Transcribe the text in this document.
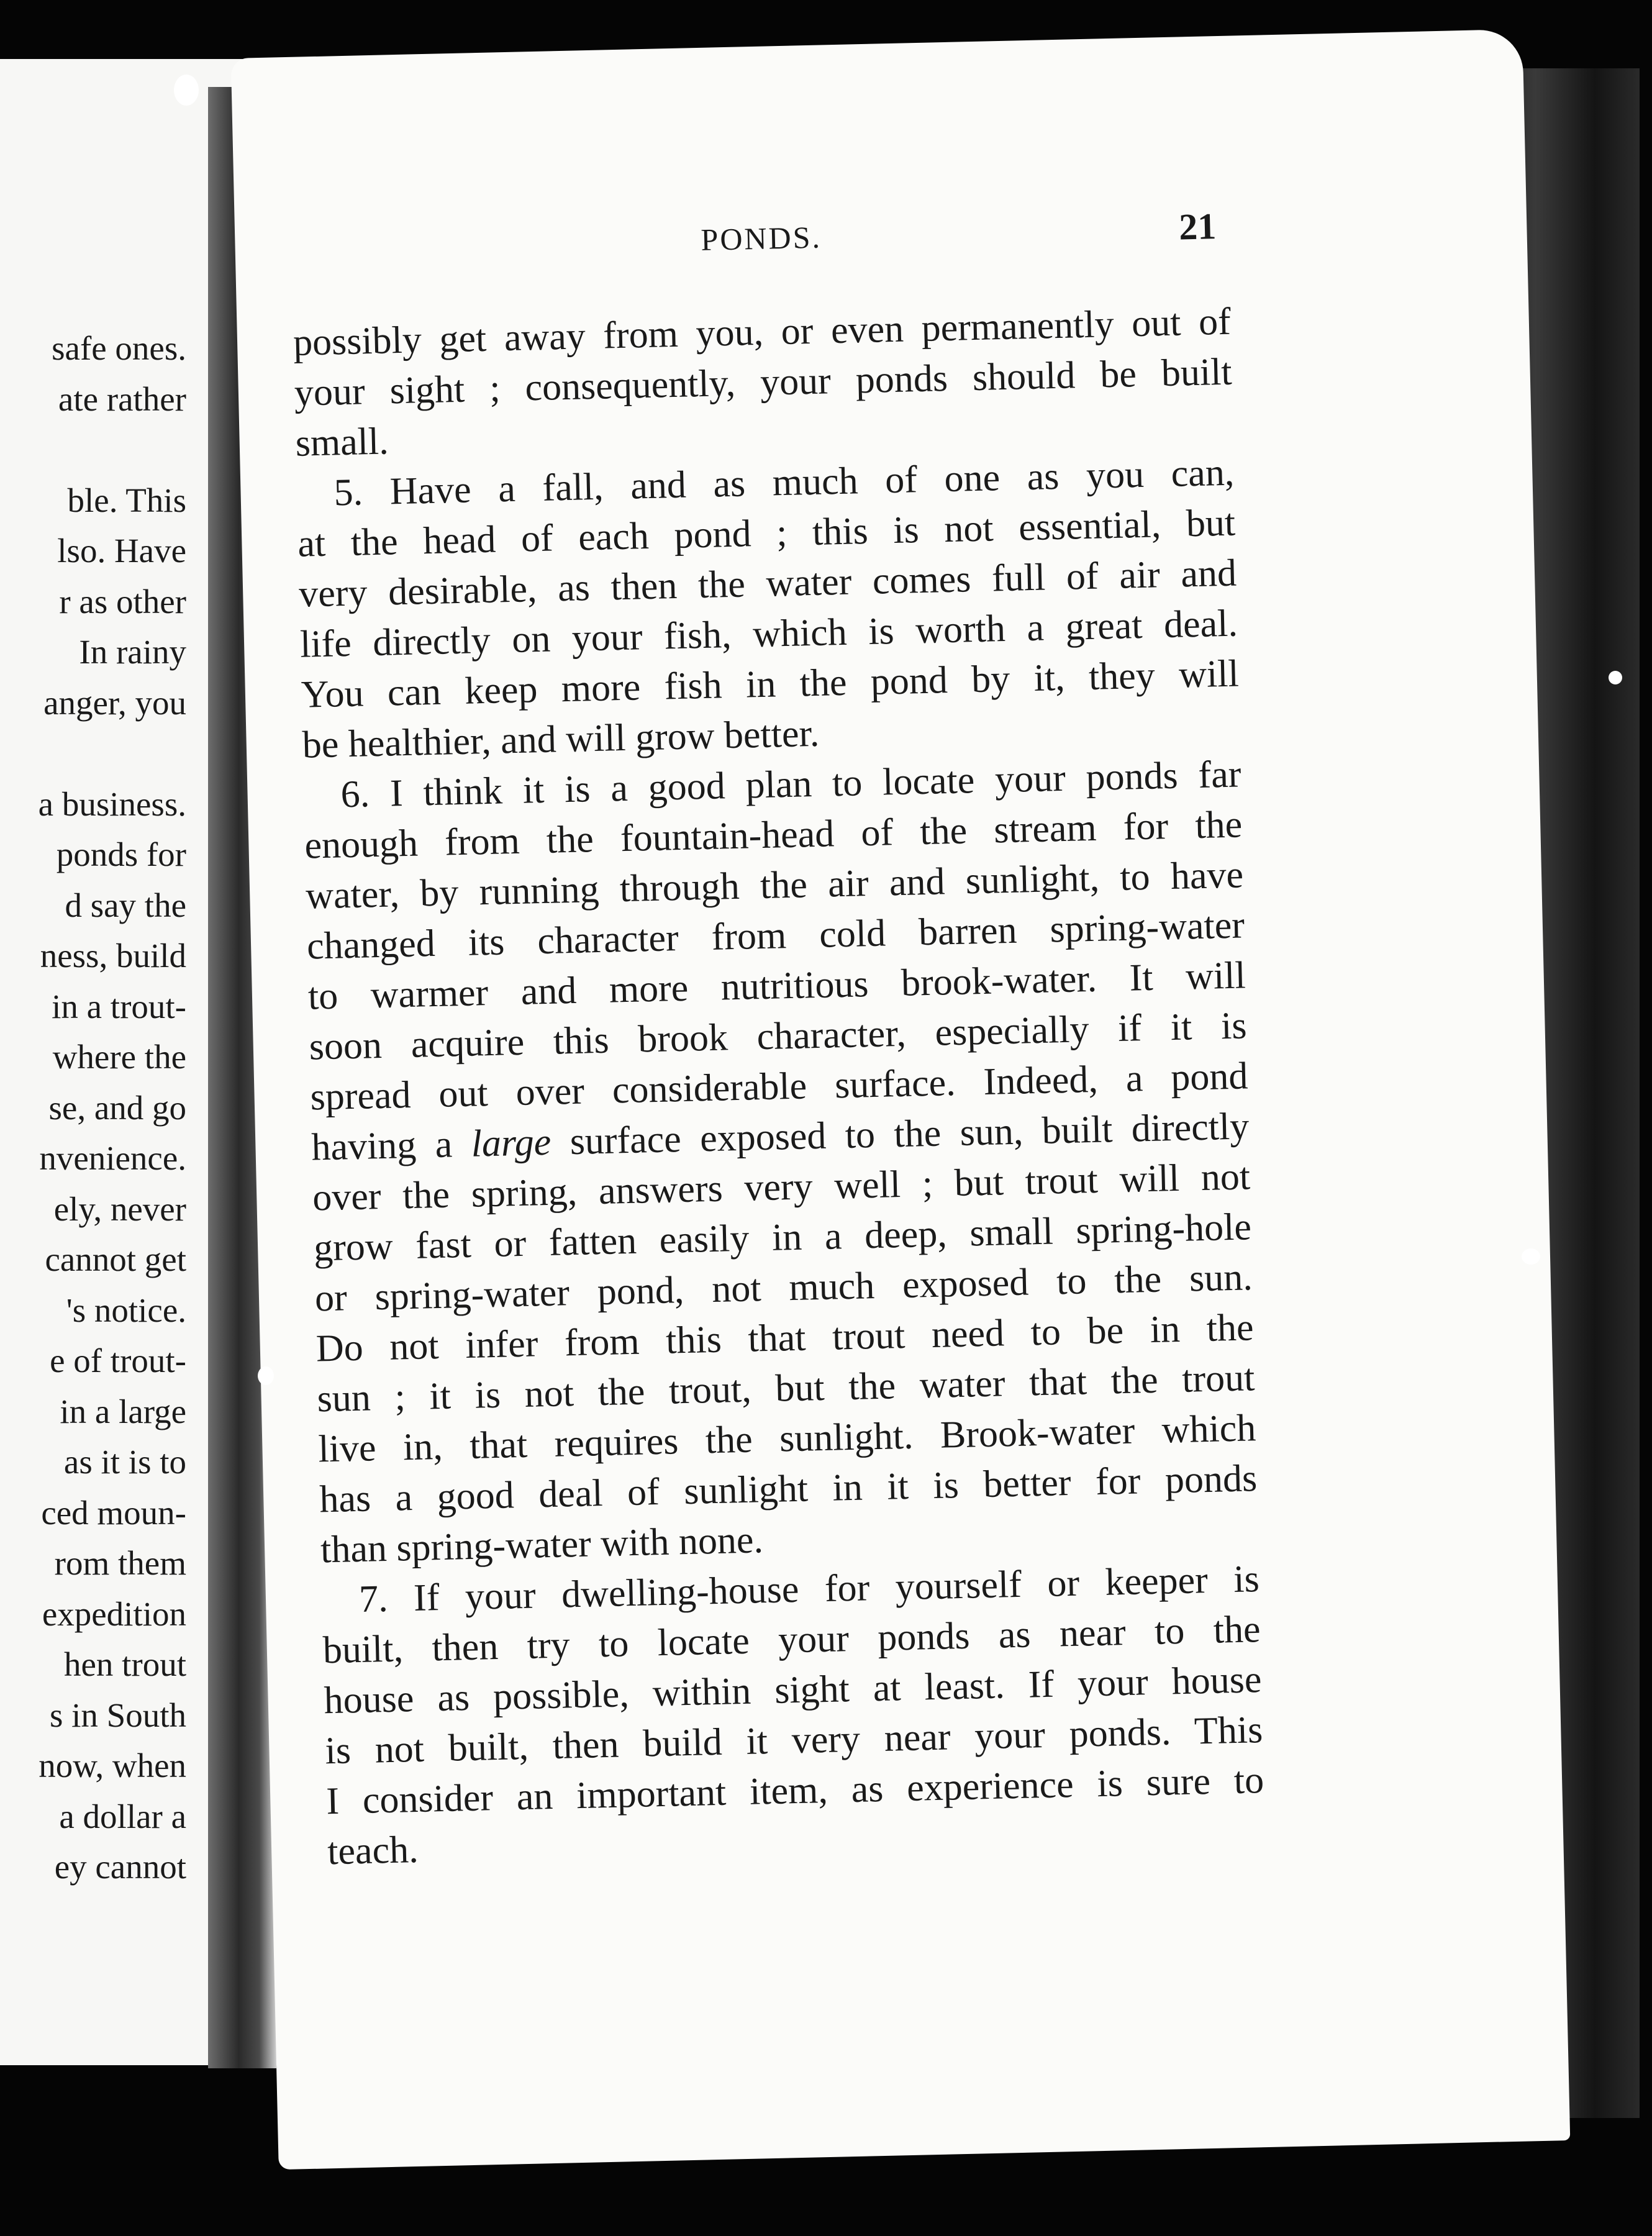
safe ones.
ate rather
ble. This
lso. Have
r as other
In rainy
anger, you
a business.
ponds for
d say the
ness, build
in a trout-
where the
se, and go
nvenience.
ely, never
cannot get
's notice.
e of trout-
in a large
as it is to
ced moun-
rom them
expedition
hen trout
s in South
now, when
a dollar a
ey cannot
PONDS.	21
possibly get away from you, or even permanently out of
your sight ; consequently, your ponds should be built
small.
5. Have a fall, and as much of one as you can,
at the head of each pond ; this is not essential, but
very desirable, as then the water comes full of air and
life directly on your fish, which is worth a great deal.
You can keep more fish in the pond by it, they will
be healthier, and will grow better.
6. I think it is a good plan to locate your ponds far
enough from the fountain-head of the stream for the
water, by running through the air and sunlight, to have
changed its character from cold barren spring-water
to warmer and more nutritious brook-water. It will
soon acquire this brook character, especially if it is
spread out over considerable surface. Indeed, a pond
having a large surface exposed to the sun, built directly
over the spring, answers very well ; but trout will not
grow fast or fatten easily in a deep, small spring-hole
or spring-water pond, not much exposed to the sun.
Do not infer from this that trout need to be in the
sun ; it is not the trout, but the water that the trout
live in, that requires the sunlight. Brook-water which
has a good deal of sunlight in it is better for ponds
than spring-water with none.
7. If your dwelling-house for yourself or keeper is
built, then try to locate your ponds as near to the
house as possible, within sight at least. If your house
is not built, then build it very near your ponds. This
I consider an important item, as experience is sure to
teach.
